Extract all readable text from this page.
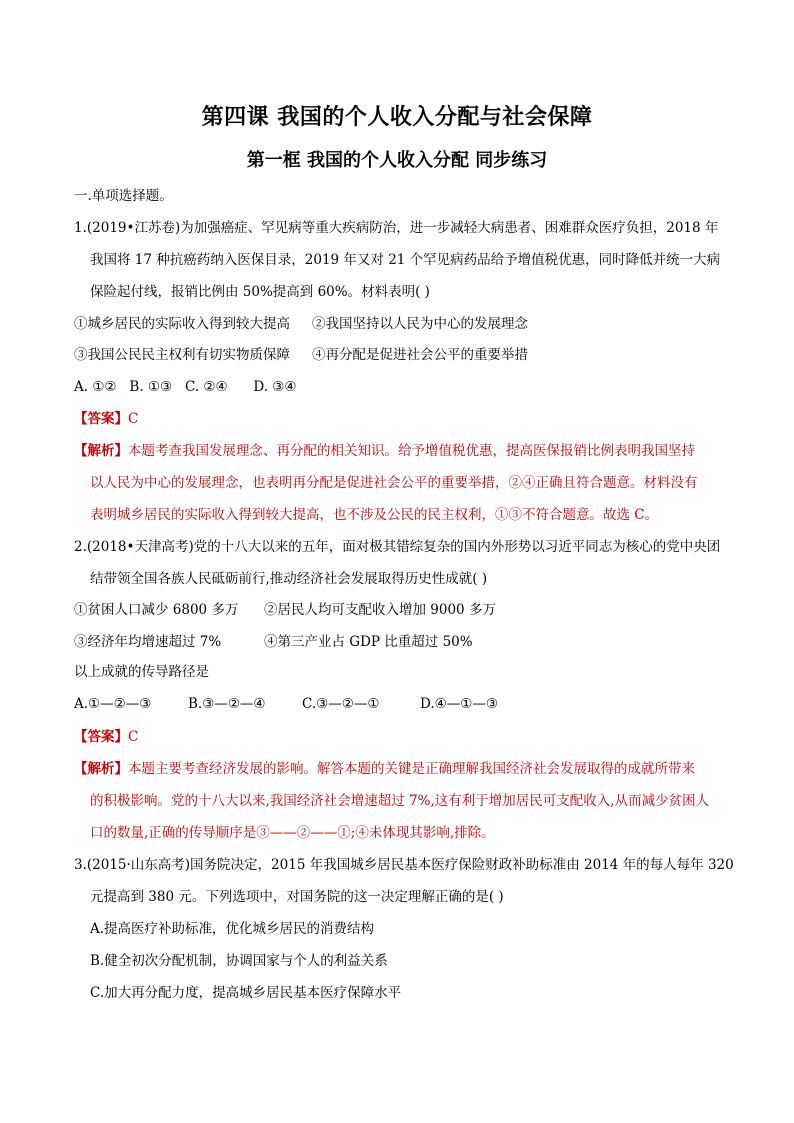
第四课 我国的个人收入分配与社会保障
第一框 我国的个人收入分配 同步练习
一.单项选择题。
1.(2019•江苏卷)为加强癌症、罕见病等重大疾病防治，进一步减轻大病患者、困难群众医疗负担，2018 年
我国将 17 种抗癌药纳入医保目录，2019 年又对 21 个罕见病药品给予增值税优惠，同时降低并统一大病
保险起付线，报销比例由 50%提高到 60%。材料表明( )
①城乡居民的实际收入得到较大提高 ②我国坚持以人民为中心的发展理念
③我国公民民主权利有切实物质保障 ④再分配是促进社会公平的重要举措
A. ①②   B. ①③   C. ②④      D. ③④
【答案】C
【解析】本题考查我国发展理念、再分配的相关知识。给予增值税优惠，提高医保报销比例表明我国坚持
以人民为中心的发展理念，也表明再分配是促进社会公平的重要举措，②④正确且符合题意。材料没有
表明城乡居民的实际收入得到较大提高，也不涉及公民的民主权利，①③不符合题意。故选 C。
2.(2018•天津高考)党的十八大以来的五年，面对极其错综复杂的国内外形势以习近平同志为核心的党中央团
结带领全国各族人民砥砺前行,推动经济社会发展取得历史性成就( )
①贫困人口减少 6800 多万 ②居民人均可支配收入增加 9000 多万
③经济年均增速超过 7%	④第三产业占 GDP 比重超过 50%
以上成就的传导路径是
A.①—②—③	B.③—②—④	C.③—②—①	D.④—①—③
【答案】C
【解析】本题主要考查经济发展的影响。解答本题的关键是正确理解我国经济社会发展取得的成就所带来
的积极影响。党的十八大以来,我国经济社会增速超过 7%,这有利于增加居民可支配收入,从而减少贫困人
口的数量,正确的传导顺序是③——②——①;④未体现其影响,排除。
3.(2015·山东高考)国务院决定，2015 年我国城乡居民基本医疗保险财政补助标准由 2014 年的每人每年 320
元提高到 380 元。下列选项中，对国务院的这一决定理解正确的是( )
A.提高医疗补助标准，优化城乡居民的消费结构
B.健全初次分配机制，协调国家与个人的利益关系
C.加大再分配力度，提高城乡居民基本医疗保障水平
